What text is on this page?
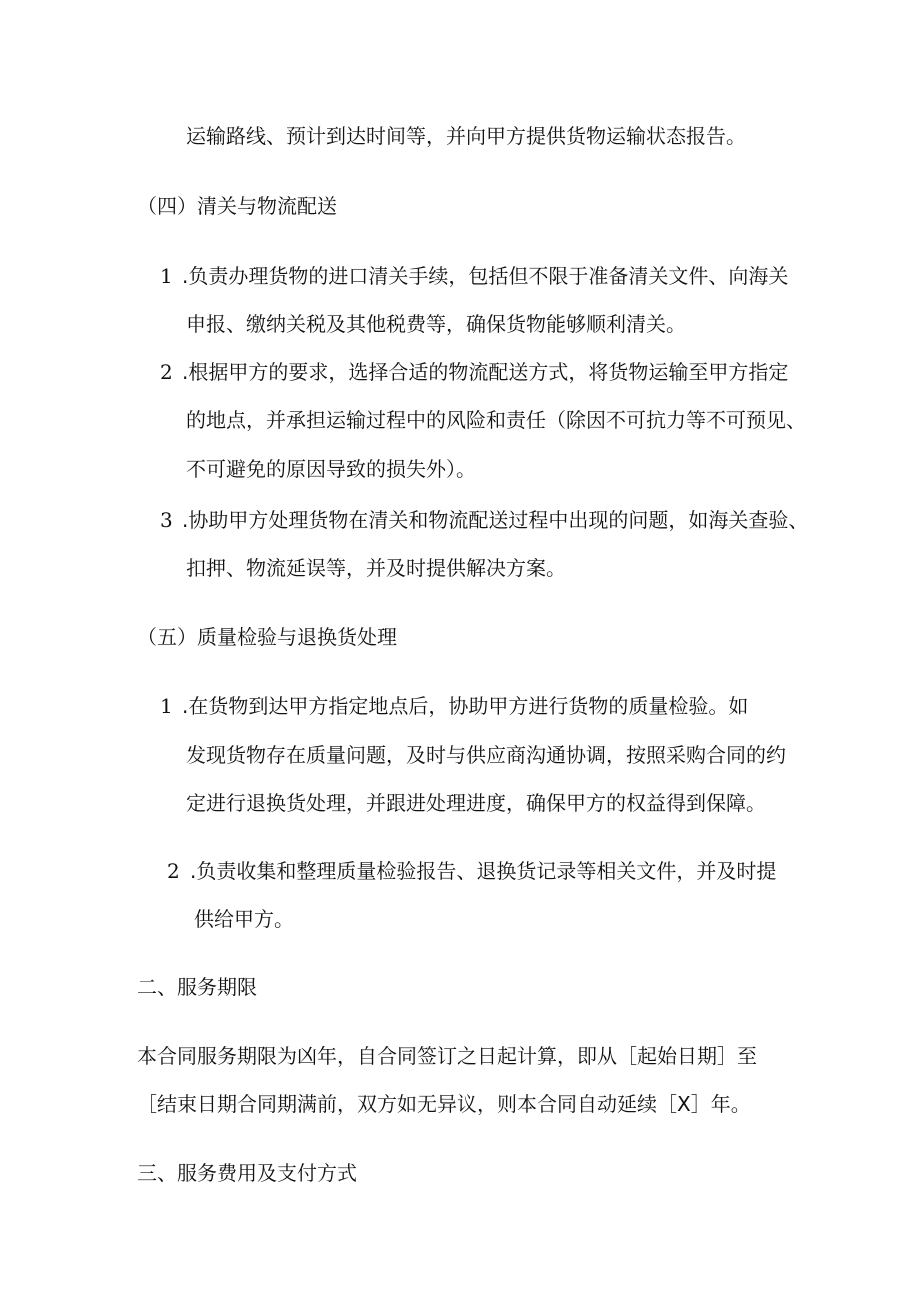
运输路线、预计到达时间等，并向甲方提供货物运输状态报告。
（四）清关与物流配送
1 .负责办理货物的进口清关手续，包括但不限于准备清关文件、向海关
申报、缴纳关税及其他税费等，确保货物能够顺利清关。
2 .根据甲方的要求，选择合适的物流配送方式，将货物运输至甲方指定
的地点，并承担运输过程中的风险和责任（除因不可抗力等不可预见、
不可避免的原因导致的损失外）。
3 .协助甲方处理货物在清关和物流配送过程中出现的问题，如海关查验、
扣押、物流延误等，并及时提供解决方案。
（五）质量检验与退换货处理
1 .在货物到达甲方指定地点后，协助甲方进行货物的质量检验。如
发现货物存在质量问题，及时与供应商沟通协调，按照采购合同的约
定进行退换货处理，并跟进处理进度，确保甲方的权益得到保障。
2 .负责收集和整理质量检验报告、退换货记录等相关文件，并及时提
供给甲方。
二、服务期限
本合同服务期限为凶年，自合同签订之日起计算，即从［起始日期］至
［结束日期合同期满前，双方如无异议，则本合同自动延续［X］年。
三、服务费用及支付方式
